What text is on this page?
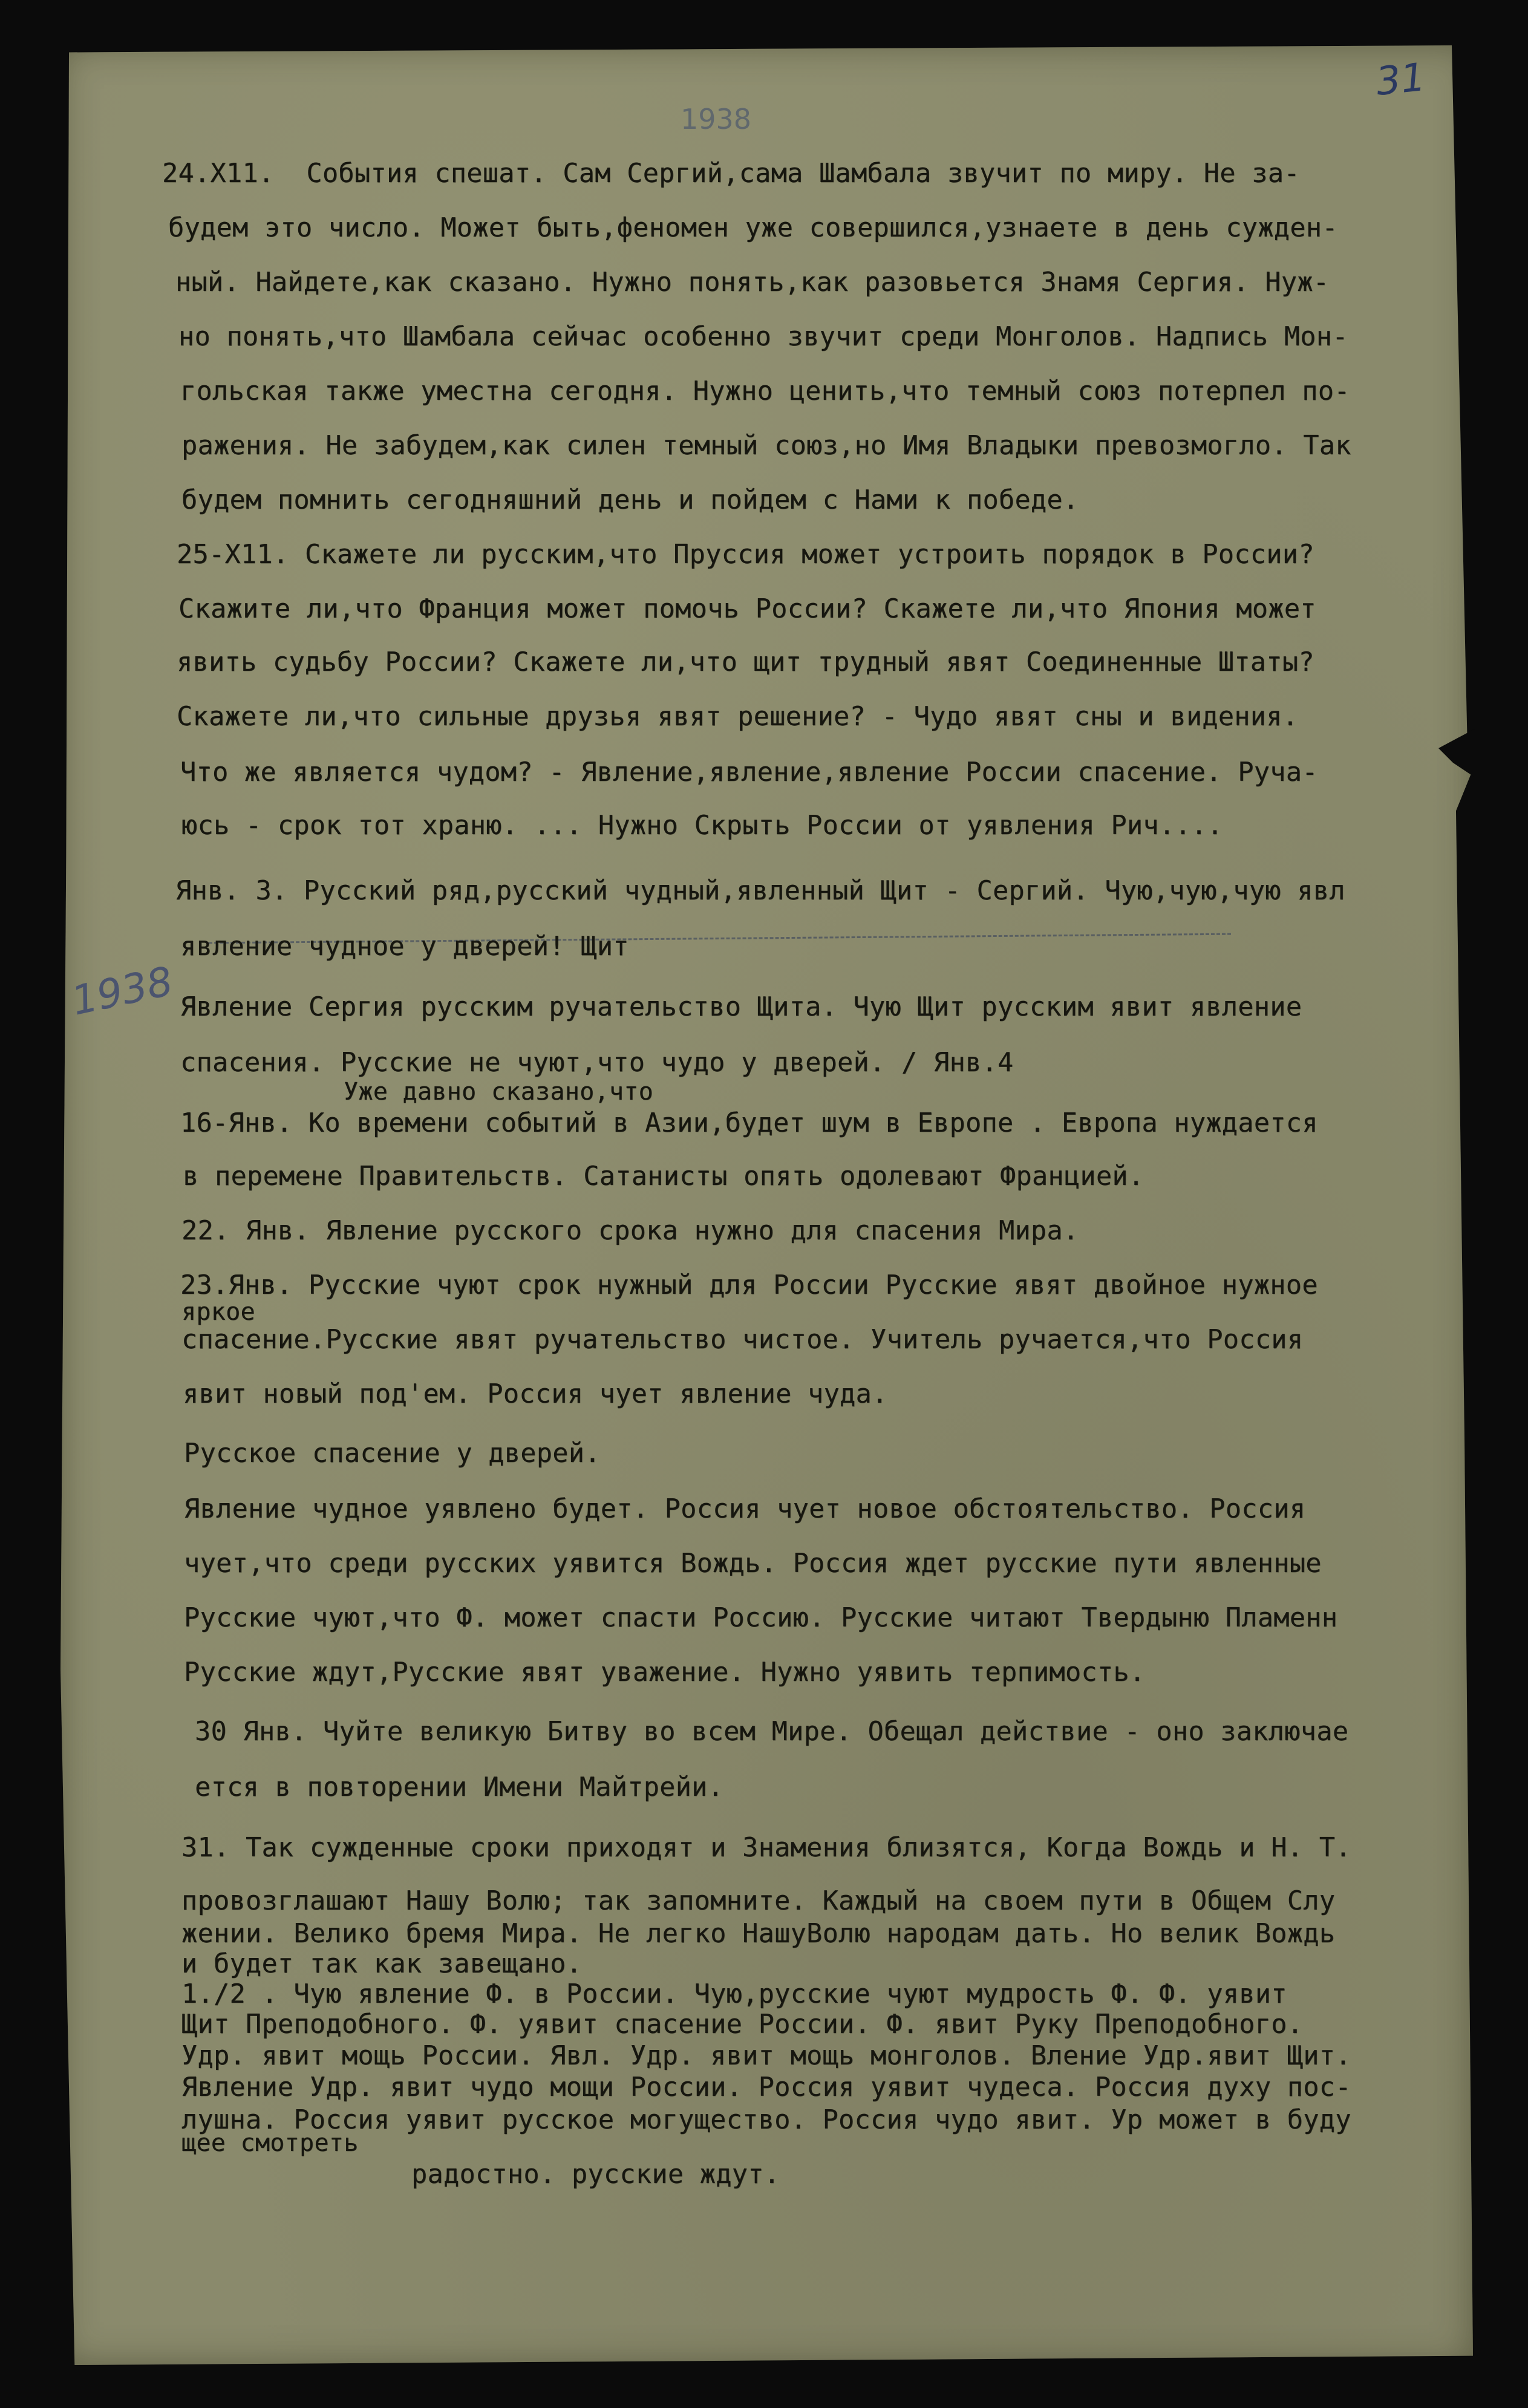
31
1938
1938
24.X11.  События спешат. Сам Сергий,сама Шамбала звучит по миру. Не за-
будем это число. Может быть,феномен уже совершился,узнаете в день сужден-
ный. Найдете,как сказано. Нужно понять,как разовьется Знамя Сергия. Нуж-
но понять,что Шамбала сейчас особенно звучит среди Монголов. Надпись Мон-
гольская также уместна сегодня. Нужно ценить,что темный союз потерпел по-
ражения. Не забудем,как силен темный союз,но Имя Владыки превозмогло. Так
будем помнить сегодняшний день и пойдем с Нами к победе.
25-X11. Скажете ли русским,что Пруссия может устроить порядок в России?
Скажите ли,что Франция может помочь России? Скажете ли,что Япония может
явить судьбу России? Скажете ли,что щит трудный явят Соединенные Штаты?
Скажете ли,что сильные друзья явят решение? - Чудо явят сны и видения.
Что же является чудом? - Явление,явление,явление России спасение. Руча-
юсь - срок тот храню. ... Нужно Скрыть России от уявления Рич....
Янв. 3. Русский ряд,русский чудный,явленный Щит - Сергий. Чую,чую,чую явл
явление чудное у дверей! Щит
Явление Сергия русским ручательство Щита. Чую Щит русским явит явление
спасения. Русские не чуют,что чудо у дверей. / Янв.4
Уже давно сказано,что
16-Янв. Ко времени событий в Азии,будет шум в Европе . Европа нуждается
в перемене Правительств. Сатанисты опять одолевают Францией.
22. Янв. Явление русского срока нужно для спасения Мира.
23.Янв. Русские чуют срок нужный для России Русские явят двойное нужное
яркое
спасение.Русские явят ручательство чистое. Учитель ручается,что Россия
явит новый под'ем. Россия чует явление чуда.
Русское спасение у дверей.
Явление чудное уявлено будет. Россия чует новое обстоятельство. Россия
чует,что среди русских уявится Вождь. Россия ждет русские пути явленные
Русские чуют,что Ф. может спасти Россию. Русские читают Твердыню Пламенн
Русские ждут,Русские явят уважение. Нужно уявить терпимость.
30 Янв. Чуйте великую Битву во всем Мире. Обещал действие - оно заключае
ется в повторении Имени Майтрейи.
31. Так сужденные сроки приходят и Знамения близятся, Когда Вождь и Н. Т.
провозглашают Нашу Волю; так запомните. Каждый на своем пути в Общем Слу
жении. Велико бремя Мира. Не легко НашуВолю народам дать. Но велик Вождь
и будет так как завещано.
1./2 . Чую явление Ф. в России. Чую,русские чуют мудрость Ф. Ф. уявит
Щит Преподобного. Ф. уявит спасение России. Ф. явит Руку Преподобного.
Удр. явит мощь России. Явл. Удр. явит мощь монголов. Вление Удр.явит Щит.
Явление Удр. явит чудо мощи России. Россия уявит чудеса. Россия духу пос-
лушна. Россия уявит русское могущество. Россия чудо явит. Ур может в буду
щее смотреть
радостно. русские ждут.
